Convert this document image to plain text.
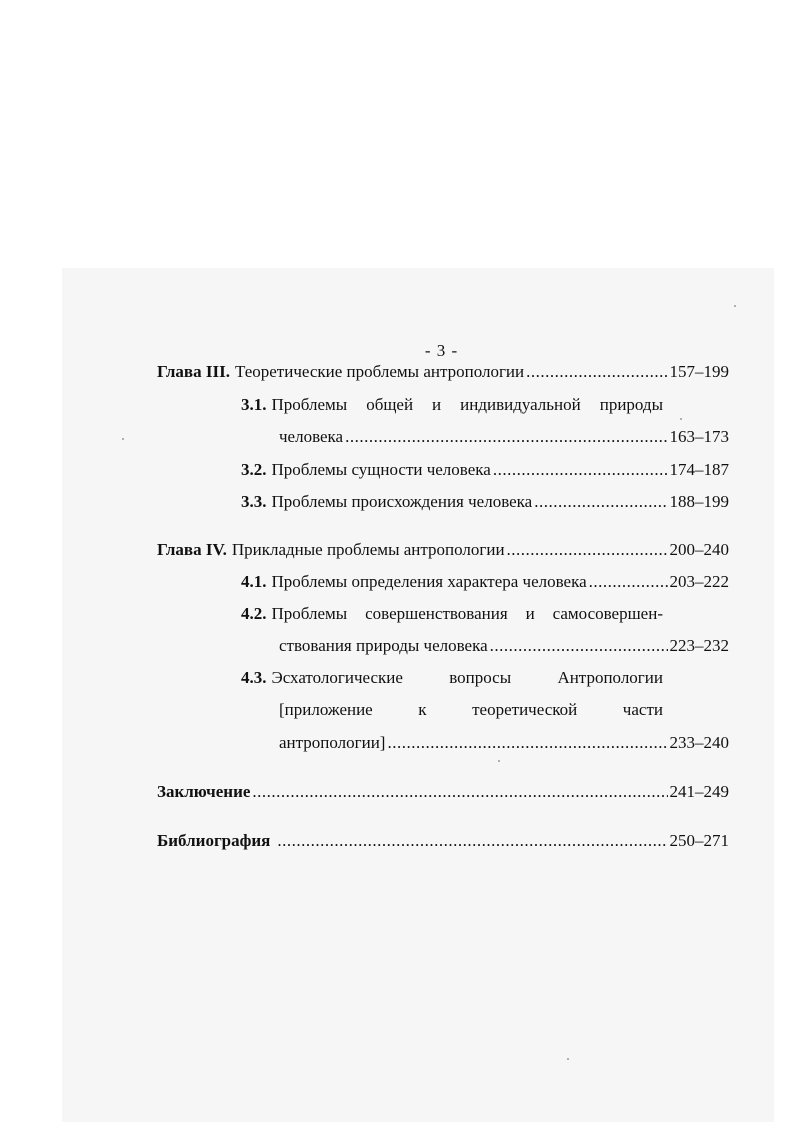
- 3 -
Глава III. Теоретические проблемы антропологии .....	157–199
3.1. Проблемы общей и индивидуальной природы
человека .....	163–173
3.2. Проблемы сущности человека .....	174–187
3.3. Проблемы происхождения человека .....	188–199
Глава IV. Прикладные проблемы антропологии .....	200–240
4.1. Проблемы определения характера человека .....	203–222
4.2. Проблемы совершенствования и самосовершен-
ствования природы человека .....	223–232
4.3. Эсхатологические	вопросы	Антропологии
[приложение	к	теоретической	части
антропологии] .....	233–240
Заключение .....	241–249
Библиография .....	250–271
